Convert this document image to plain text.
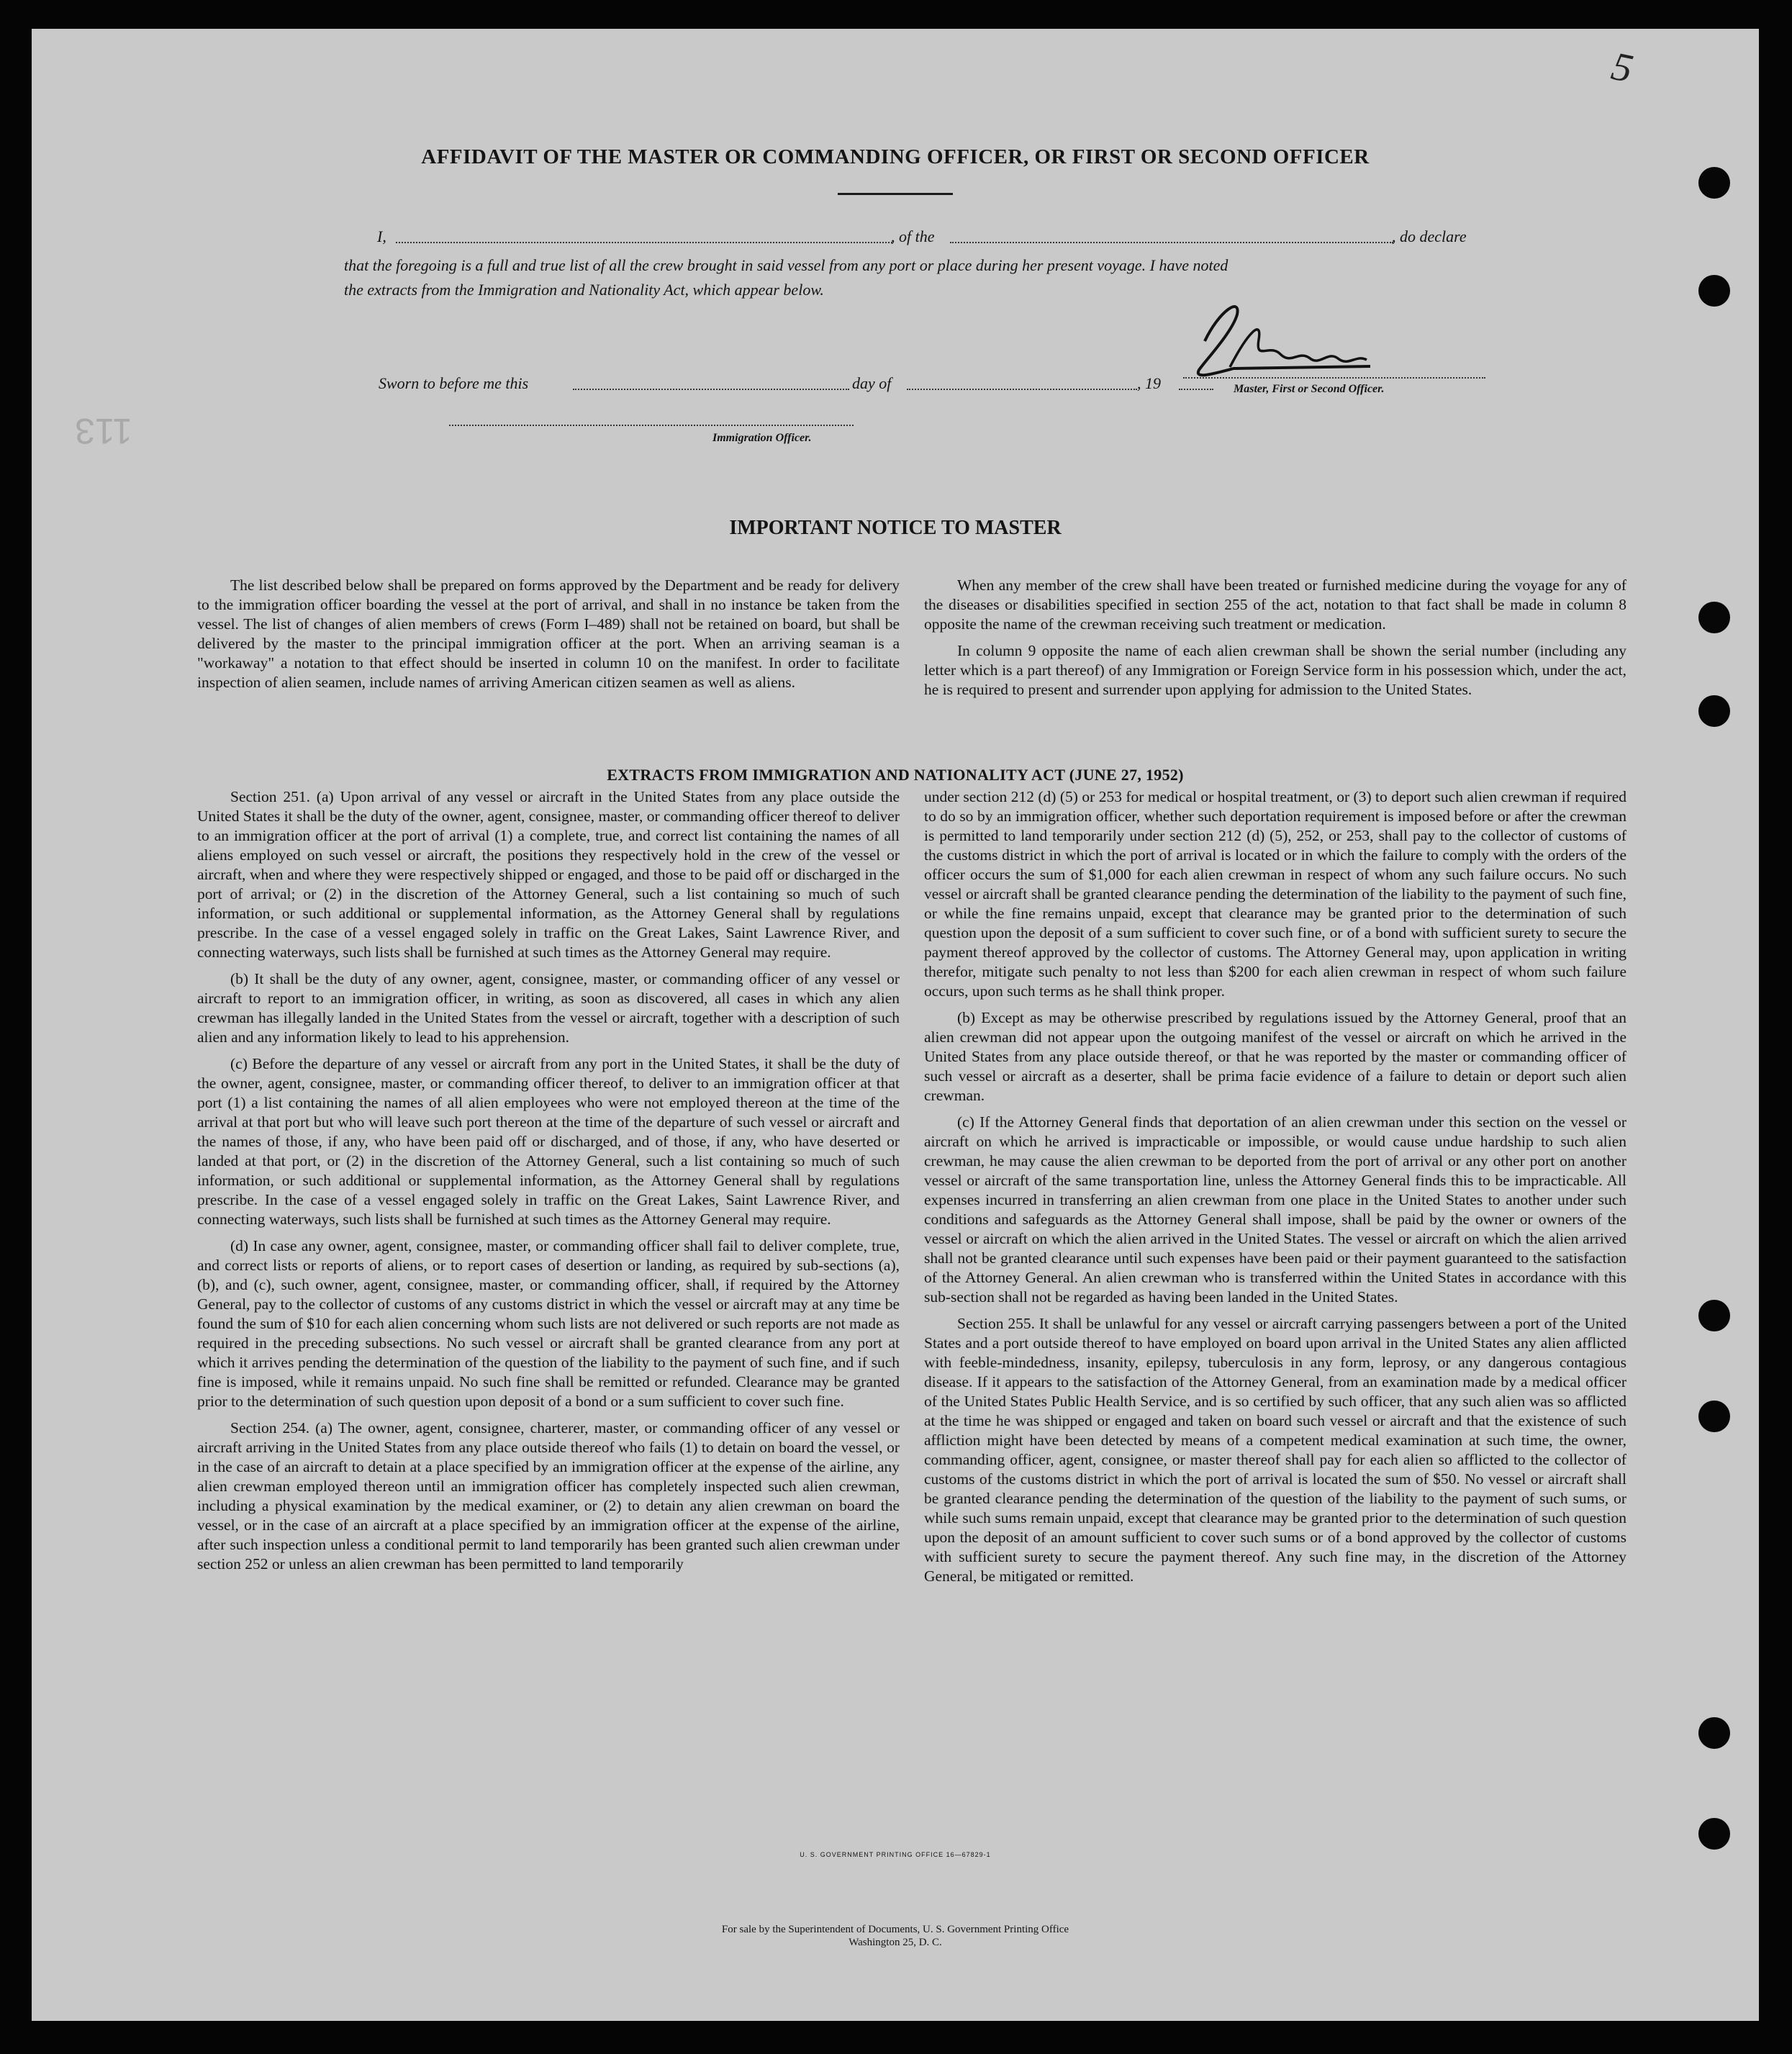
5
113
AFFIDAVIT OF THE MASTER OR COMMANDING OFFICER, OR FIRST OR SECOND OFFICER
I,	, of the	, do declare
that the foregoing is a full and true list of all the crew brought in said vessel from any port or place during her present voyage. I have noted
the extracts from the Immigration and Nationality Act, which appear below.
Master, First or Second Officer.
Sworn to before me this	day of	, 19
Immigration Officer.
IMPORTANT NOTICE TO MASTER

The list described below shall be prepared on forms approved by the Department and be ready for delivery to the immigration officer boarding the vessel at the port of arrival, and shall in no instance be taken from the vessel. The list of changes of alien members of crews (Form I–489) shall not be retained on board, but shall be delivered by the master to the principal immigration officer at the port. When an arriving seaman is a "workaway" a notation to that effect should be inserted in column 10 on the manifest. In order to facilitate inspection of alien seamen, include names of arriving American citizen seamen as well as aliens.

When any member of the crew shall have been treated or furnished medicine during the voyage for any of the diseases or disabilities specified in section 255 of the act, notation to that fact shall be made in column 8 opposite the name of the crewman receiving such treatment or medication.

In column 9 opposite the name of each alien crewman shall be shown the serial number (including any letter which is a part thereof) of any Immigration or Foreign Service form in his possession which, under the act, he is required to present and surrender upon applying for admission to the United States.

EXTRACTS FROM IMMIGRATION AND NATIONALITY ACT (JUNE 27, 1952)

Section 251. (a) Upon arrival of any vessel or aircraft in the United States from any place outside the United States it shall be the duty of the owner, agent, consignee, master, or commanding officer thereof to deliver to an immigration officer at the port of arrival (1) a complete, true, and correct list containing the names of all aliens employed on such vessel or aircraft, the positions they respectively hold in the crew of the vessel or aircraft, when and where they were respectively shipped or engaged, and those to be paid off or discharged in the port of arrival; or (2) in the discretion of the Attorney General, such a list containing so much of such information, or such additional or supplemental information, as the Attorney General shall by regulations prescribe. In the case of a vessel engaged solely in traffic on the Great Lakes, Saint Lawrence River, and connecting waterways, such lists shall be furnished at such times as the Attorney General may require.

(b) It shall be the duty of any owner, agent, consignee, master, or commanding officer of any vessel or aircraft to report to an immigration officer, in writing, as soon as discovered, all cases in which any alien crewman has illegally landed in the United States from the vessel or aircraft, together with a description of such alien and any information likely to lead to his apprehension.

(c) Before the departure of any vessel or aircraft from any port in the United States, it shall be the duty of the owner, agent, consignee, master, or commanding officer thereof, to deliver to an immigration officer at that port (1) a list containing the names of all alien employees who were not employed thereon at the time of the arrival at that port but who will leave such port thereon at the time of the departure of such vessel or aircraft and the names of those, if any, who have been paid off or discharged, and of those, if any, who have deserted or landed at that port, or (2) in the discretion of the Attorney General, such a list containing so much of such information, or such additional or supplemental information, as the Attorney General shall by regulations prescribe. In the case of a vessel engaged solely in traffic on the Great Lakes, Saint Lawrence River, and connecting waterways, such lists shall be furnished at such times as the Attorney General may require.

(d) In case any owner, agent, consignee, master, or commanding officer shall fail to deliver complete, true, and correct lists or reports of aliens, or to report cases of desertion or landing, as required by sub-sections (a), (b), and (c), such owner, agent, consignee, master, or commanding officer, shall, if required by the Attorney General, pay to the collector of customs of any customs district in which the vessel or aircraft may at any time be found the sum of $10 for each alien concerning whom such lists are not delivered or such reports are not made as required in the preceding subsections. No such vessel or aircraft shall be granted clearance from any port at which it arrives pending the determination of the question of the liability to the payment of such fine, and if such fine is imposed, while it remains unpaid. No such fine shall be remitted or refunded. Clearance may be granted prior to the determination of such question upon deposit of a bond or a sum sufficient to cover such fine.

Section 254. (a) The owner, agent, consignee, charterer, master, or commanding officer of any vessel or aircraft arriving in the United States from any place outside thereof who fails (1) to detain on board the vessel, or in the case of an aircraft to detain at a place specified by an immigration officer at the expense of the airline, any alien crewman employed thereon until an immigration officer has completely inspected such alien crewman, including a physical examination by the medical examiner, or (2) to detain any alien crewman on board the vessel, or in the case of an aircraft at a place specified by an immigration officer at the expense of the airline, after such inspection unless a conditional permit to land temporarily has been granted such alien crewman under section 252 or unless an alien crewman has been permitted to land temporarily

under section 212 (d) (5) or 253 for medical or hospital treatment, or (3) to deport such alien crewman if required to do so by an immigration officer, whether such deportation requirement is imposed before or after the crewman is permitted to land temporarily under section 212 (d) (5), 252, or 253, shall pay to the collector of customs of the customs district in which the port of arrival is located or in which the failure to comply with the orders of the officer occurs the sum of $1,000 for each alien crewman in respect of whom any such failure occurs. No such vessel or aircraft shall be granted clearance pending the determination of the liability to the payment of such fine, or while the fine remains unpaid, except that clearance may be granted prior to the determination of such question upon the deposit of a sum sufficient to cover such fine, or of a bond with sufficient surety to secure the payment thereof approved by the collector of customs. The Attorney General may, upon application in writing therefor, mitigate such penalty to not less than $200 for each alien crewman in respect of whom such failure occurs, upon such terms as he shall think proper.

(b) Except as may be otherwise prescribed by regulations issued by the Attorney General, proof that an alien crewman did not appear upon the outgoing manifest of the vessel or aircraft on which he arrived in the United States from any place outside thereof, or that he was reported by the master or commanding officer of such vessel or aircraft as a deserter, shall be prima facie evidence of a failure to detain or deport such alien crewman.

(c) If the Attorney General finds that deportation of an alien crewman under this section on the vessel or aircraft on which he arrived is impracticable or impossible, or would cause undue hardship to such alien crewman, he may cause the alien crewman to be deported from the port of arrival or any other port on another vessel or aircraft of the same transportation line, unless the Attorney General finds this to be impracticable. All expenses incurred in transferring an alien crewman from one place in the United States to another under such conditions and safeguards as the Attorney General shall impose, shall be paid by the owner or owners of the vessel or aircraft on which the alien arrived in the United States. The vessel or aircraft on which the alien arrived shall not be granted clearance until such expenses have been paid or their payment guaranteed to the satisfaction of the Attorney General. An alien crewman who is transferred within the United States in accordance with this sub-section shall not be regarded as having been landed in the United States.

Section 255. It shall be unlawful for any vessel or aircraft carrying passengers between a port of the United States and a port outside thereof to have employed on board upon arrival in the United States any alien afflicted with feeble-mindedness, insanity, epilepsy, tuberculosis in any form, leprosy, or any dangerous contagious disease. If it appears to the satisfaction of the Attorney General, from an examination made by a medical officer of the United States Public Health Service, and is so certified by such officer, that any such alien was so afflicted at the time he was shipped or engaged and taken on board such vessel or aircraft and that the existence of such affliction might have been detected by means of a competent medical examination at such time, the owner, commanding officer, agent, consignee, or master thereof shall pay for each alien so afflicted to the collector of customs of the customs district in which the port of arrival is located the sum of $50. No vessel or aircraft shall be granted clearance pending the determination of the question of the liability to the payment of such sums, or while such sums remain unpaid, except that clearance may be granted prior to the determination of such question upon the deposit of an amount sufficient to cover such sums or of a bond approved by the collector of customs with sufficient surety to secure the payment thereof. Any such fine may, in the discretion of the Attorney General, be mitigated or remitted.

U. S. GOVERNMENT PRINTING OFFICE 16—67829-1
For sale by the Superintendent of Documents, U. S. Government Printing Office
Washington 25, D. C.
